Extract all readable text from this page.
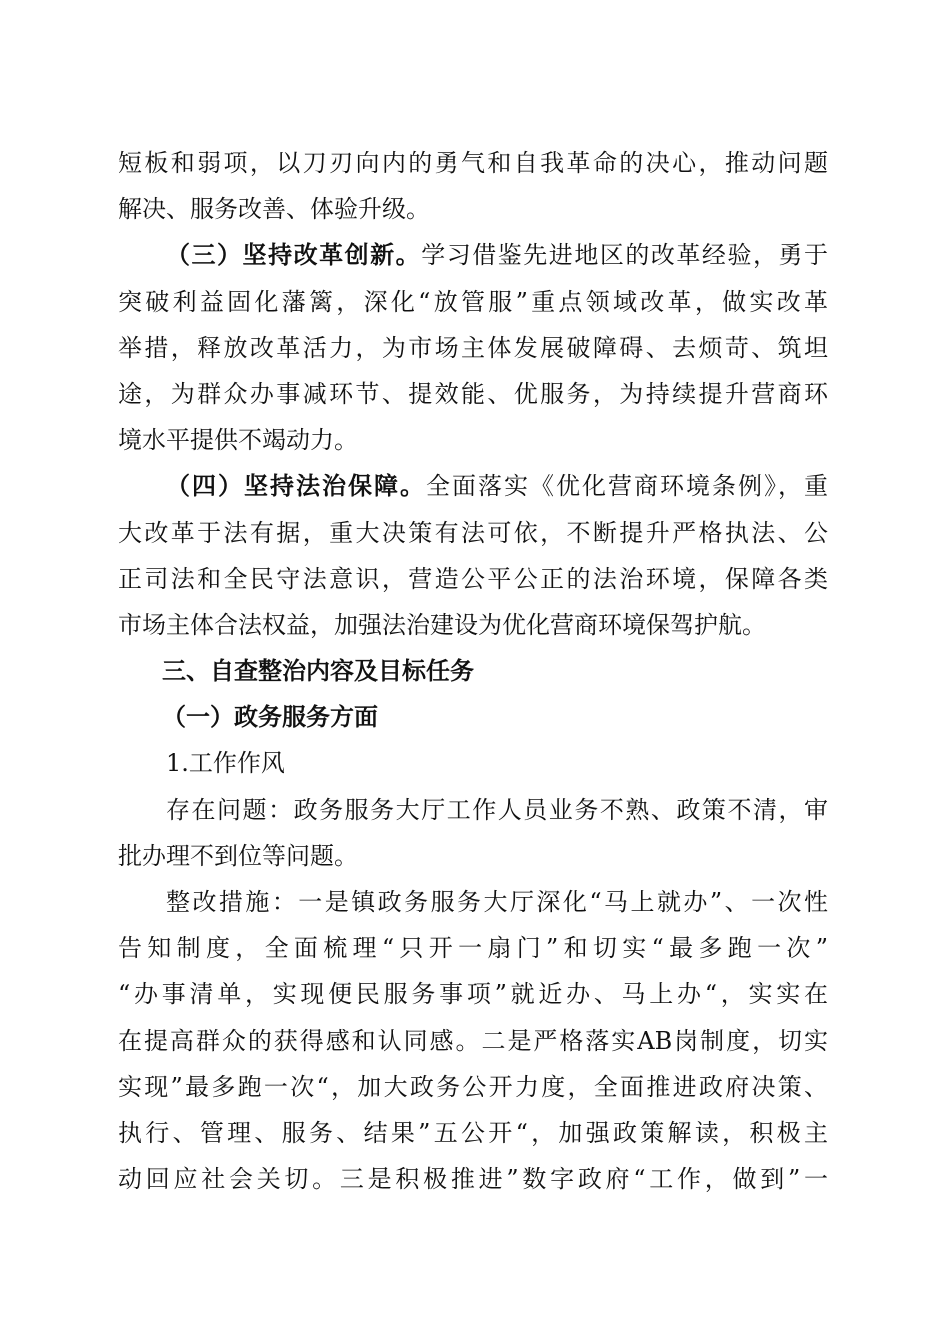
短板和弱项，以刀刃向内的勇气和自我革命的决心，推动问题
解决、服务改善、体验升级。
（三）坚持改革创新。学习借鉴先进地区的改革经验，勇于
突破利益固化藩篱，深化“放管服”重点领域改革，做实改革
举措，释放改革活力，为市场主体发展破障碍、去烦苛、筑坦
途，为群众办事减环节、提效能、优服务，为持续提升营商环
境水平提供不竭动力。
（四）坚持法治保障。全面落实《优化营商环境条例》，重
大改革于法有据，重大决策有法可依，不断提升严格执法、公
正司法和全民守法意识，营造公平公正的法治环境，保障各类
市场主体合法权益，加强法治建设为优化营商环境保驾护航。
三、自查整治内容及目标任务
（一）政务服务方面
1.工作作风
存在问题：政务服务大厅工作人员业务不熟、政策不清，审
批办理不到位等问题。
整改措施：一是镇政务服务大厅深化“马上就办”、一次性
告知制度，全面梳理“只开一扇门”和切实“最多跑一次”
“办事清单，实现便民服务事项”就近办、马上办“，实实在
在提高群众的获得感和认同感。二是严格落实AB岗制度，切实
实现”最多跑一次“，加大政务公开力度，全面推进政府决策、
执行、管理、服务、结果”五公开“，加强政策解读，积极主
动回应社会关切。三是积极推进”数字政府“工作，做到”一
